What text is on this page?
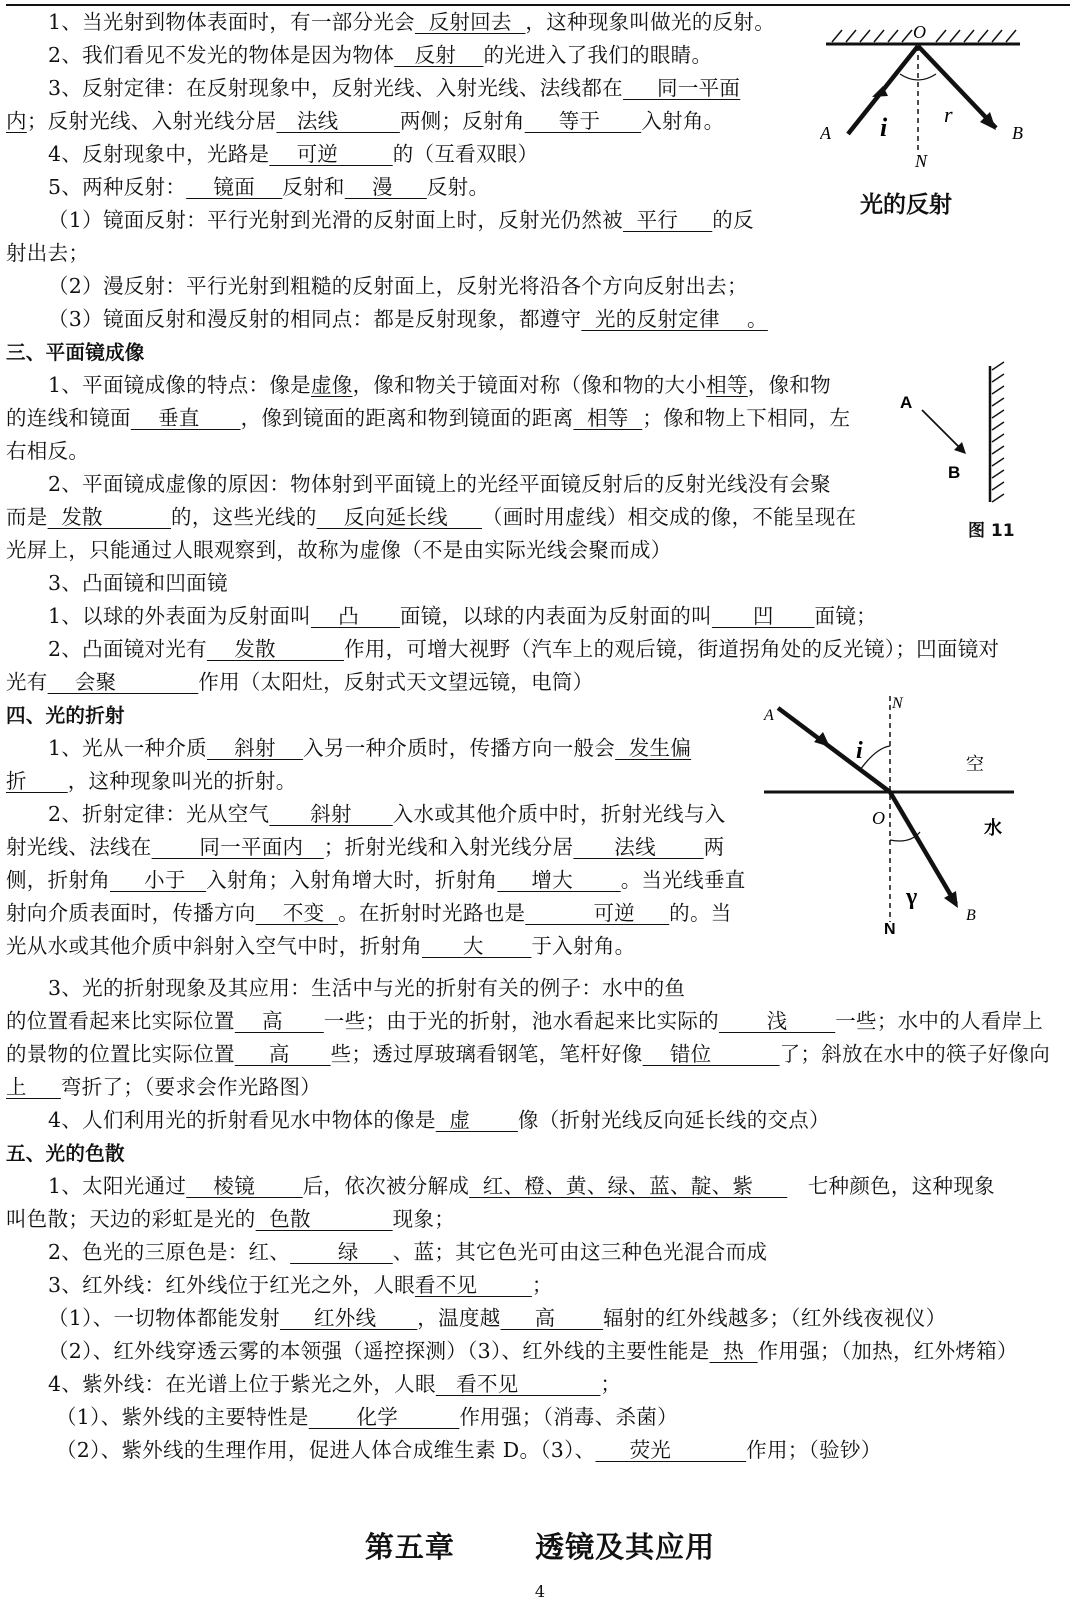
1、当光射到物体表面时，有一部分光会  反射回去  ，这种现象叫做光的反射。
2、我们看见不发光的物体是因为物体   反射    的光进入了我们的眼睛。
3、反射定律：在反射现象中，反射光线、入射光线、法线都在     同一平面
内；反射光线、入射光线分居   法线         两侧；反射角     等于      入射角。
4、反射现象中，光路是    可逆        的（互看双眼）
5、两种反射：    镜面    反射和    漫     反射。
（1）镜面反射：平行光射到光滑的反射面上时，反射光仍然被  平行     的反
射出去；
（2）漫反射：平行光射到粗糙的反射面上，反射光将沿各个方向反射出去；
（3）镜面反射和漫反射的相同点：都是反射现象，都遵守  光的反射定律    。
三、平面镜成像
1、平面镜成像的特点：像是虚像，像和物关于镜面对称（像和物的大小相等，像和物
的连线和镜面    垂直      ，像到镜面的距离和物到镜面的距离  相等  ；像和物上下相同，左
右相反。
2、平面镜成虚像的原因：物体射到平面镜上的光经平面镜反射后的反射光线没有会聚
而是  发散          的，这些光线的    反向延长线     （画时用虚线）相交成的像，不能呈现在
光屏上，只能通过人眼观察到，故称为虚像（不是由实际光线会聚而成）
3、凸面镜和凹面镜
1、以球的外表面为反射面叫    凸      面镜，以球的内表面为反射面的叫      凹      面镜；
2、凸面镜对光有    发散          作用，可增大视野（汽车上的观后镜，街道拐角处的反光镜）；凹面镜对
光有    会聚            作用（太阳灶，反射式天文望远镜，电筒）
四、光的折射
1、光从一种介质    斜射    入另一种介质时，传播方向一般会  发生偏
折      ，这种现象叫光的折射。
2、折射定律：光从空气      斜射      入水或其他介质中时，折射光线与入
射光线、法线在       同一平面内   ；折射光线和入射光线分居      法线       两
侧，折射角     小于   入射角；入射角增大时，折射角     增大       。当光线垂直
射向介质表面时，传播方向    不变  。在折射时光路也是          可逆     的。当
光从水或其他介质中斜射入空气中时，折射角      大       于入射角。
3、光的折射现象及其应用：生活中与光的折射有关的例子：水中的鱼
的位置看起来比实际位置    高      一些；由于光的折射，池水看起来比实际的       浅       一些；水中的人看岸上
的景物的位置比实际位置     高      些；透过厚玻璃看钢笔，笔杆好像    错位          了；斜放在水中的筷子好像向
上     弯折了；（要求会作光路图）
4、人们利用光的折射看见水中物体的像是  虚       像（折射光线反向延长线的交点）
五、光的色散
1、太阳光通过    棱镜       后，依次被分解成  红、橙、黄、绿、蓝、靛、紫        七种颜色，这种现象
叫色散；天边的彩虹是光的  色散            现象；
2、色光的三原色是：红、       绿     、蓝；其它色光可由这三种色光混合而成
3、红外线：红外线位于红光之外，人眼看不见        ；
（1）、一切物体都能发射     红外线      ，温度越     高       辐射的红外线越多；（红外线夜视仪）
（2）、红外线穿透云雾的本领强（遥控探测）（3）、红外线的主要性能是  热  作用强；（加热，红外烤箱）
4、紫外线：在光谱上位于紫光之外，人眼   看不见            ；
（1）、紫外线的主要特性是       化学         作用强；（消毒、杀菌）
（2）、紫外线的生理作用，促进人体合成维生素 D。（3）、     荧光           作用；（验钞）
O
A	B
i	r
N
光的反射
A
B
图 11
N
A
i
空
O	水
γ
N
B
第五章	透镜及其应用
4
